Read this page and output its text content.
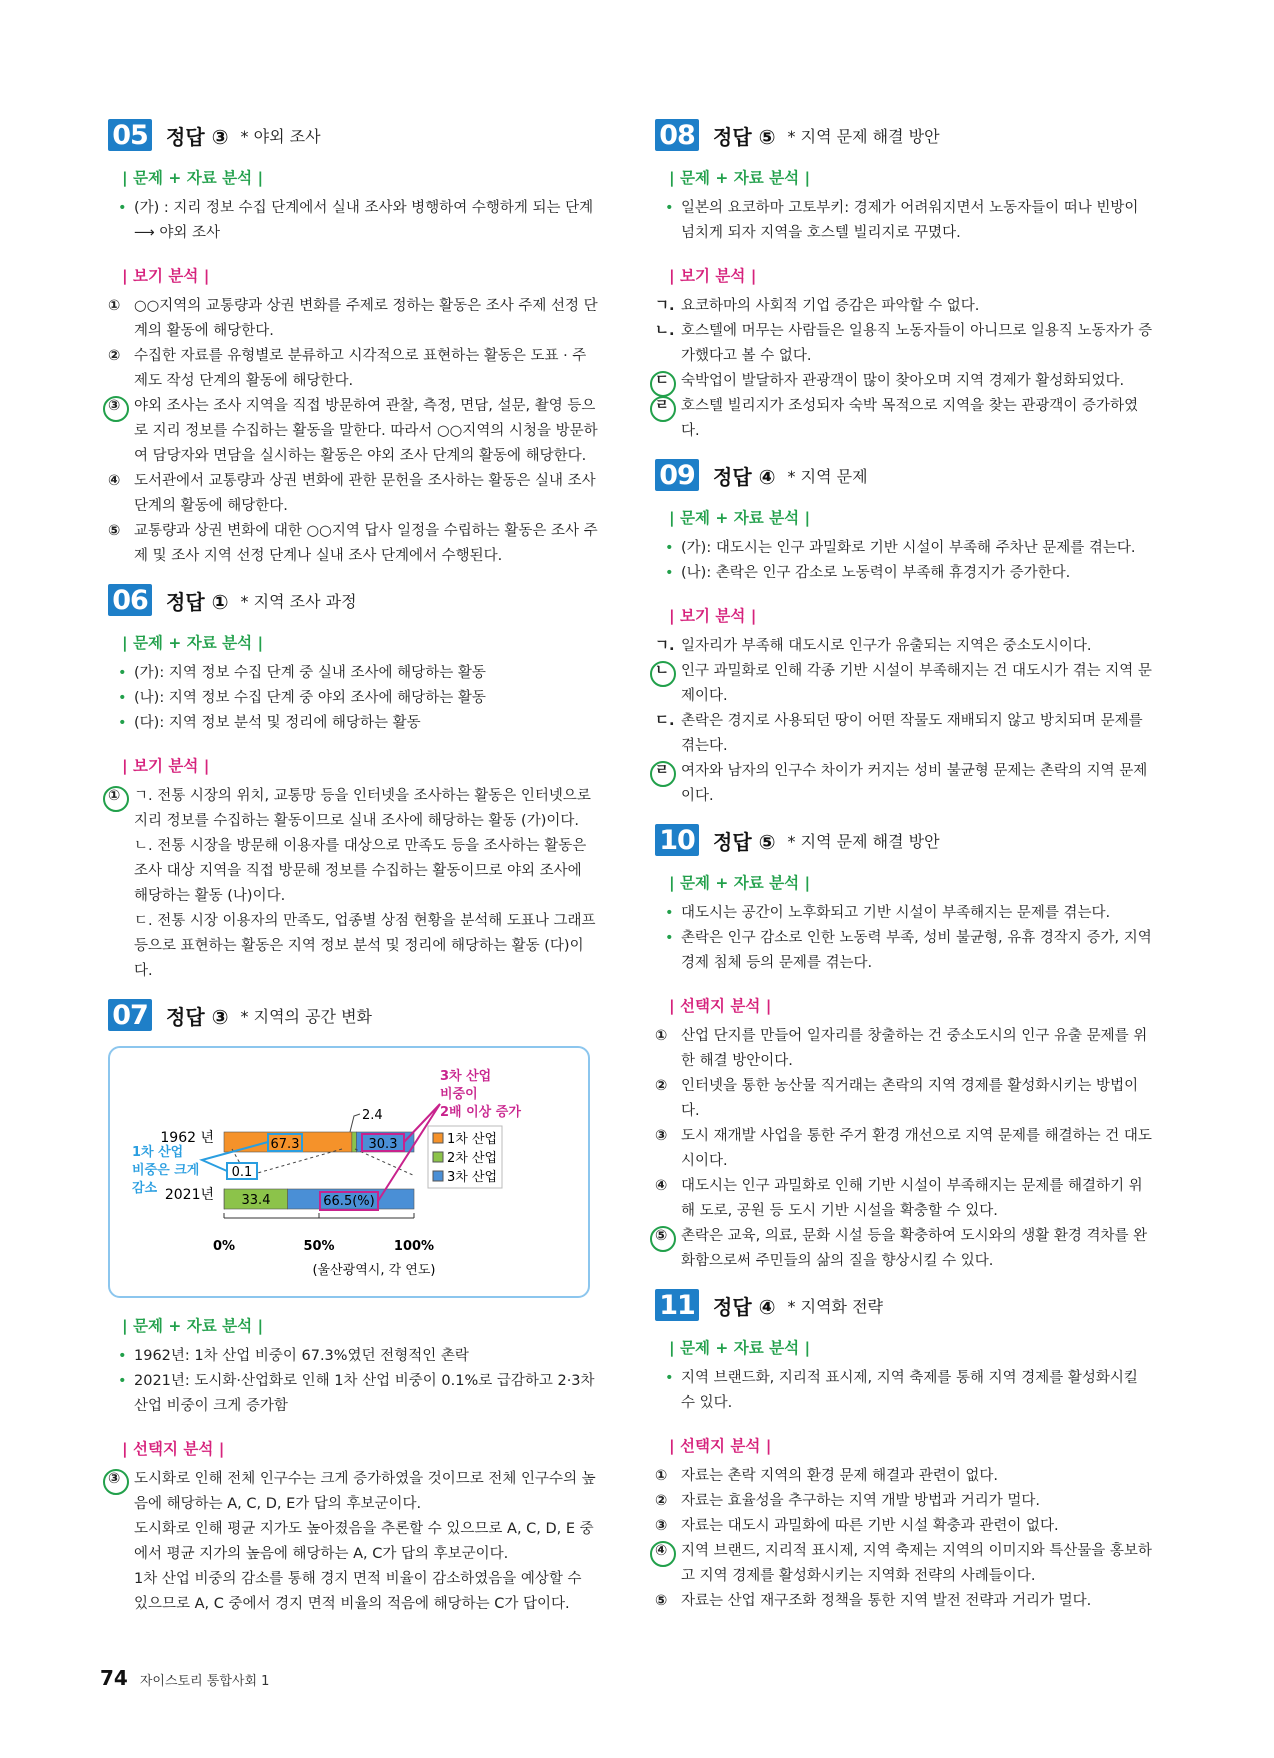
05 정답 ③ * 야외 조사
| 문제 + 자료 분석 |
• (가) : 지리 정보 수집 단계에서 실내 조사와 병행하여 수행하게 되는 단계 ⟶ 야외 조사
| 보기 분석 |
① ○○지역의 교통량과 상권 변화를 주제로 정하는 활동은 조사 주제 선정 단계의 활동에 해당한다.
② 수집한 자료를 유형별로 분류하고 시각적으로 표현하는 활동은 도표 · 주제도 작성 단계의 활동에 해당한다.
③ 야외 조사는 조사 지역을 직접 방문하여 관찰, 측정, 면담, 설문, 촬영 등으로 지리 정보를 수집하는 활동을 말한다. 따라서 ○○지역의 시청을 방문하여 담당자와 면담을 실시하는 활동은 야외 조사 단계의 활동에 해당한다.
④ 도서관에서 교통량과 상권 변화에 관한 문헌을 조사하는 활동은 실내 조사 단계의 활동에 해당한다.
⑤ 교통량과 상권 변화에 대한 ○○지역 답사 일정을 수립하는 활동은 조사 주제 및 조사 지역 선정 단계나 실내 조사 단계에서 수행된다.
06 정답 ① * 지역 조사 과정
| 문제 + 자료 분석 |
• (가): 지역 정보 수집 단계 중 실내 조사에 해당하는 활동
• (나): 지역 정보 수집 단계 중 야외 조사에 해당하는 활동
• (다): 지역 정보 분석 및 정리에 해당하는 활동
| 보기 분석 |
① ㄱ. 전통 시장의 위치, 교통망 등을 인터넷을 조사하는 활동은 인터넷으로 지리 정보를 수집하는 활동이므로 실내 조사에 해당하는 활동 (가)이다.
ㄴ. 전통 시장을 방문해 이용자를 대상으로 만족도 등을 조사하는 활동은 조사 대상 지역을 직접 방문해 정보를 수집하는 활동이므로 야외 조사에 해당하는 활동 (나)이다.
ㄷ. 전통 시장 이용자의 만족도, 업종별 상점 현황을 분석해 도표나 그래프 등으로 표현하는 활동은 지역 정보 분석 및 정리에 해당하는 활동 (다)이다.
07 정답 ③ * 지역의 공간 변화
0%	50%	100%
(울산광역시, 각 연도)
1962 년
2021년
67.3
2.4
30.3
0.1
33.4	66.5(%)
1차 산업
비중은 크게
감소
3차 산업
비중이
2배 이상 증가
1차 산업
2차 산업
3차 산업
| 문제 + 자료 분석 |
• 1962년: 1차 산업 비중이 67.3%였던 전형적인 촌락
• 2021년: 도시화·산업화로 인해 1차 산업 비중이 0.1%로 급감하고 2·3차 산업 비중이 크게 증가함
| 선택지 분석 |
③ 도시화로 인해 전체 인구수는 크게 증가하였을 것이므로 전체 인구수의 높음에 해당하는 A, C, D, E가 답의 후보군이다.
도시화로 인해 평균 지가도 높아졌음을 추론할 수 있으므로 A, C, D, E 중에서 평균 지가의 높음에 해당하는 A, C가 답의 후보군이다.
1차 산업 비중의 감소를 통해 경지 면적 비율이 감소하였음을 예상할 수 있으므로 A, C 중에서 경지 면적 비율의 적음에 해당하는 C가 답이다.
08 정답 ⑤ * 지역 문제 해결 방안
| 문제 + 자료 분석 |
• 일본의 요코하마 고토부키: 경제가 어려워지면서 노동자들이 떠나 빈방이 넘치게 되자 지역을 호스텔 빌리지로 꾸몄다.
| 보기 분석 |
ㄱ. 요코하마의 사회적 기업 증감은 파악할 수 없다.
ㄴ. 호스텔에 머무는 사람들은 일용직 노동자들이 아니므로 일용직 노동자가 증가했다고 볼 수 없다.
ㄷ 숙박업이 발달하자 관광객이 많이 찾아오며 지역 경제가 활성화되었다.
ㄹ 호스텔 빌리지가 조성되자 숙박 목적으로 지역을 찾는 관광객이 증가하였다.
09 정답 ④ * 지역 문제
| 문제 + 자료 분석 |
• (가): 대도시는 인구 과밀화로 기반 시설이 부족해 주차난 문제를 겪는다.
• (나): 촌락은 인구 감소로 노동력이 부족해 휴경지가 증가한다.
| 보기 분석 |
ㄱ. 일자리가 부족해 대도시로 인구가 유출되는 지역은 중소도시이다.
ㄴ 인구 과밀화로 인해 각종 기반 시설이 부족해지는 건 대도시가 겪는 지역 문제이다.
ㄷ. 촌락은 경지로 사용되던 땅이 어떤 작물도 재배되지 않고 방치되며 문제를 겪는다.
ㄹ 여자와 남자의 인구수 차이가 커지는 성비 불균형 문제는 촌락의 지역 문제이다.
10 정답 ⑤ * 지역 문제 해결 방안
| 문제 + 자료 분석 |
• 대도시는 공간이 노후화되고 기반 시설이 부족해지는 문제를 겪는다.
• 촌락은 인구 감소로 인한 노동력 부족, 성비 불균형, 유휴 경작지 증가, 지역 경제 침체 등의 문제를 겪는다.
| 선택지 분석 |
① 산업 단지를 만들어 일자리를 창출하는 건 중소도시의 인구 유출 문제를 위한 해결 방안이다.
② 인터넷을 통한 농산물 직거래는 촌락의 지역 경제를 활성화시키는 방법이다.
③ 도시 재개발 사업을 통한 주거 환경 개선으로 지역 문제를 해결하는 건 대도시이다.
④ 대도시는 인구 과밀화로 인해 기반 시설이 부족해지는 문제를 해결하기 위해 도로, 공원 등 도시 기반 시설을 확충할 수 있다.
⑤ 촌락은 교육, 의료, 문화 시설 등을 확충하여 도시와의 생활 환경 격차를 완화함으로써 주민들의 삶의 질을 향상시킬 수 있다.
11 정답 ④ * 지역화 전략
| 문제 + 자료 분석 |
• 지역 브랜드화, 지리적 표시제, 지역 축제를 통해 지역 경제를 활성화시킬 수 있다.
| 선택지 분석 |
① 자료는 촌락 지역의 환경 문제 해결과 관련이 없다.
② 자료는 효율성을 추구하는 지역 개발 방법과 거리가 멀다.
③ 자료는 대도시 과밀화에 따른 기반 시설 확충과 관련이 없다.
④ 지역 브랜드, 지리적 표시제, 지역 축제는 지역의 이미지와 특산물을 홍보하고 지역 경제를 활성화시키는 지역화 전략의 사례들이다.
⑤ 자료는 산업 재구조화 정책을 통한 지역 발전 전략과 거리가 멀다.
74 자이스토리 통합사회 1
